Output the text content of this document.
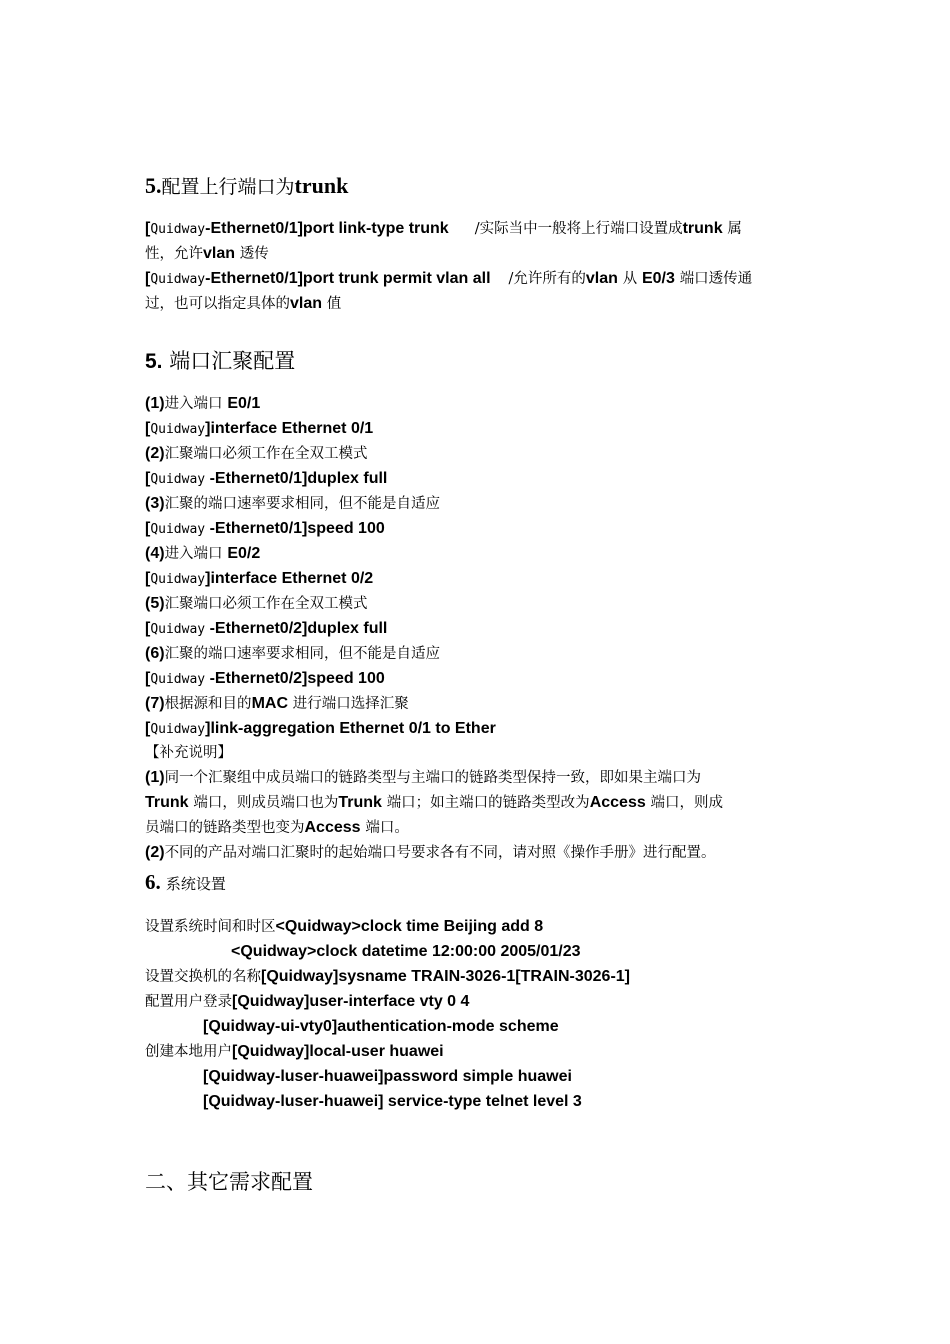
5.配置上行端口为trunk
[Quidway-Ethernet0/1]port link-type trunk /实际当中一般将上行端口设置成trunk 属
性，允许vlan 透传
[Quidway-Ethernet0/1]port trunk permit vlan all /允许所有的vlan 从 E0/3 端口透传通
过，也可以指定具体的vlan 值
5. 端口汇聚配置
(1)进入端口 E0/1
[Quidway]interface Ethernet 0/1
(2)汇聚端口必须工作在全双工模式
[Quidway -Ethernet0/1]duplex full
(3)汇聚的端口速率要求相同，但不能是自适应
[Quidway -Ethernet0/1]speed 100
(4)进入端口 E0/2
[Quidway]interface Ethernet 0/2
(5)汇聚端口必须工作在全双工模式
[Quidway -Ethernet0/2]duplex full
(6)汇聚的端口速率要求相同，但不能是自适应
[Quidway -Ethernet0/2]speed 100
(7)根据源和目的MAC 进行端口选择汇聚
[Quidway]link-aggregation Ethernet 0/1 to Ether
【补充说明】
(1)同一个汇聚组中成员端口的链路类型与主端口的链路类型保持一致，即如果主端口为
Trunk 端口，则成员端口也为Trunk 端口；如主端口的链路类型改为Access 端口，则成
员端口的链路类型也变为Access 端口。
(2)不同的产品对端口汇聚时的起始端口号要求各有不同，请对照《操作手册》进行配置。
6. 系统设置
设置系统时间和时区<Quidway>clock time Beijing add 8
<Quidway>clock datetime 12:00:00 2005/01/23
设置交换机的名称[Quidway]sysname TRAIN-3026-1[TRAIN-3026-1]
配置用户登录[Quidway]user-interface vty 0 4
[Quidway-ui-vty0]authentication-mode scheme
创建本地用户[Quidway]local-user huawei
[Quidway-luser-huawei]password simple huawei
[Quidway-luser-huawei] service-type telnet level 3
二、其它需求配置
